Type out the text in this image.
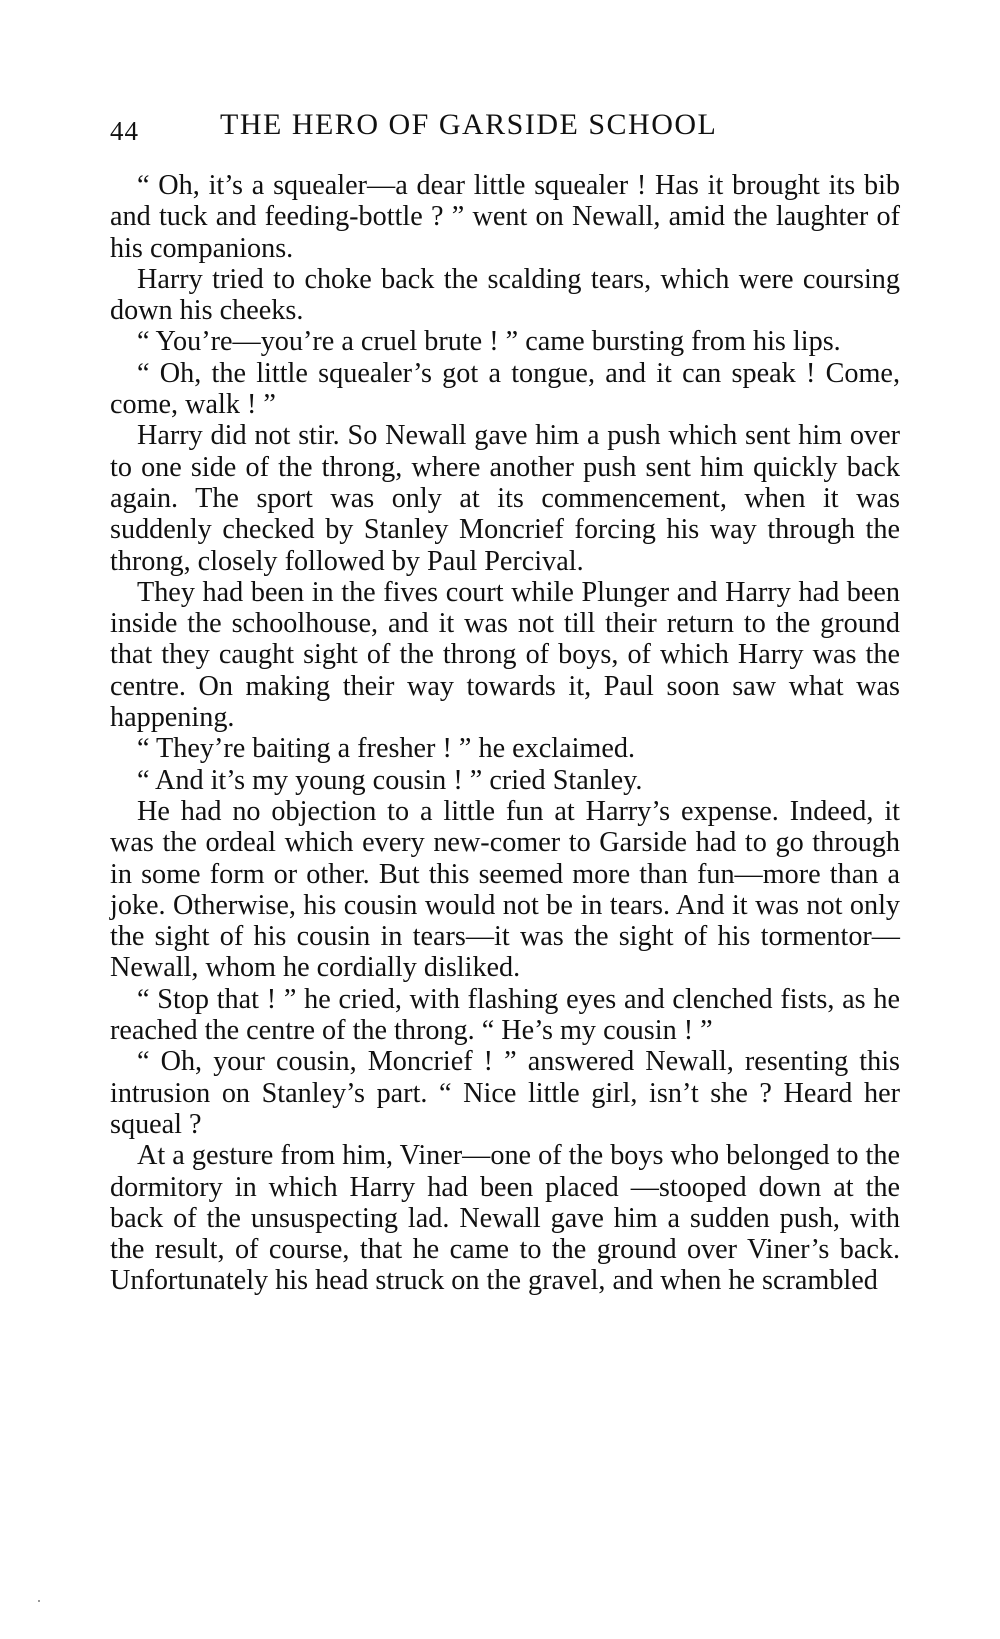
44	THE HERO OF GARSIDE SCHOOL

“ Oh, it’s a squealer—a dear little squealer ! Has it brought its bib and tuck and feeding-bottle ? ” went on Newall, amid the laughter of his companions.

Harry tried to choke back the scalding tears, which were coursing down his cheeks.

“ You’re—you’re a cruel brute ! ” came bursting from his lips.

“ Oh, the little squealer’s got a tongue, and it can speak ! Come, come, walk ! ”

Harry did not stir. So Newall gave him a push which sent him over to one side of the throng, where another push sent him quickly back again. The sport was only at its commencement, when it was suddenly checked by Stanley Moncrief forcing his way through the throng, closely followed by Paul Percival.

They had been in the fives court while Plunger and Harry had been inside the schoolhouse, and it was not till their return to the ground that they caught sight of the throng of boys, of which Harry was the centre. On making their way towards it, Paul soon saw what was happening.

“ They’re baiting a fresher ! ” he exclaimed.

“ And it’s my young cousin ! ” cried Stanley.

He had no objection to a little fun at Harry’s expense. Indeed, it was the ordeal which every new-comer to Garside had to go through in some form or other. But this seemed more than fun—more than a joke. Otherwise, his cousin would not be in tears. And it was not only the sight of his cousin in tears—it was the sight of his tormentor—Newall, whom he cordially disliked.

“ Stop that ! ” he cried, with flashing eyes and clenched fists, as he reached the centre of the throng. “ He’s my cousin ! ”

“ Oh, your cousin, Moncrief ! ” answered Newall, resenting this intrusion on Stanley’s part. “ Nice little girl, isn’t she ? Heard her squeal ?

At a gesture from him, Viner—one of the boys who belonged to the dormitory in which Harry had been placed —stooped down at the back of the unsuspecting lad. Newall gave him a sudden push, with the result, of course, that he came to the ground over Viner’s back. Unfortunately his head struck on the gravel, and when he scrambled
